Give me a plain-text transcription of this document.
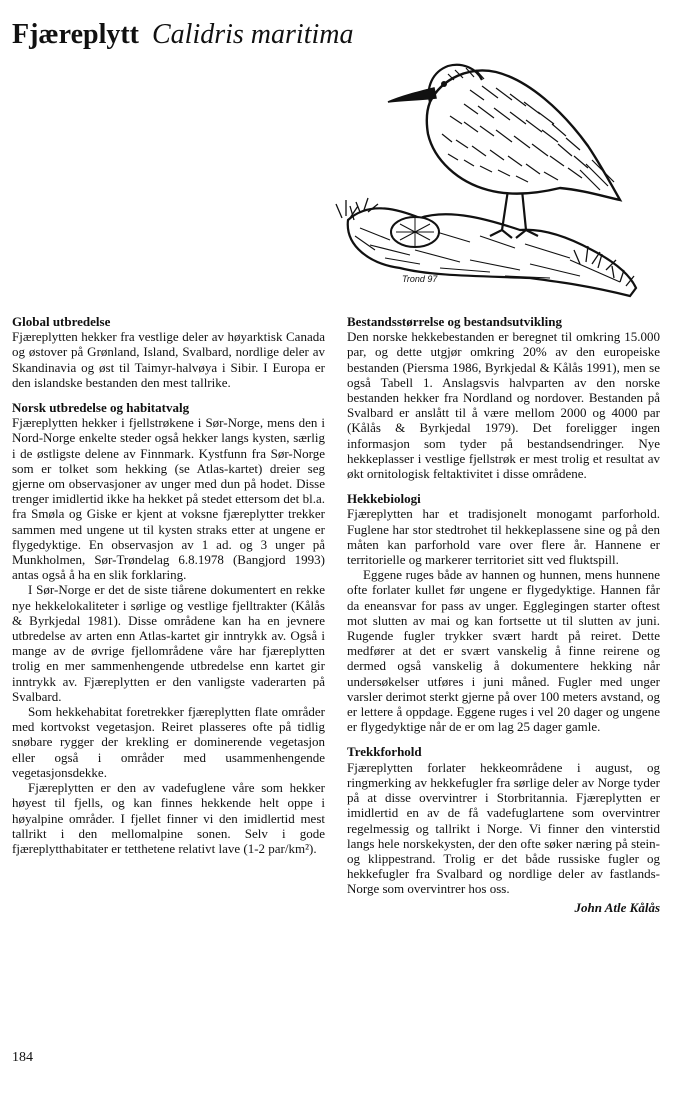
Fjæreplytt Calidris maritima
Trond 97
Global utbredelse

Fjæreplytten hekker fra vestlige deler av høyarktisk Canada og østover på Grønland, Island, Svalbard, nordlige deler av Skandinavia og øst til Taimyr-halvøya i Sibir. I Europa er den islandske bestanden den mest tallrike.

Norsk utbredelse og habitatvalg

Fjæreplytten hekker i fjellstrøkene i Sør-Norge, mens den i Nord-Norge enkelte steder også hekker langs kysten, særlig i de østligste delene av Finnmark. Kystfunn fra Sør-Norge som er tolket som hekking (se Atlas-kartet) dreier seg gjerne om observasjoner av unger med dun på hodet. Disse trenger imidlertid ikke ha hekket på stedet ettersom det bl.a. fra Smøla og Giske er kjent at voksne fjæreplytter trekker sammen med ungene ut til kysten straks etter at ungene er flygedyktige. En observasjon av 1 ad. og 3 unger på Munkholmen, Sør-Trøndelag 6.8.1978 (Bangjord 1993) antas også å ha en slik forklaring.

I Sør-Norge er det de siste tiårene dokumentert en rekke nye hekkelokaliteter i sørlige og vestlige fjelltrakter (Kålås & Byrkjedal 1981). Disse områdene kan ha en jevnere utbredelse av arten enn Atlas-kartet gir inntrykk av. Også i mange av de øvrige fjellområdene våre har fjæreplytten trolig en mer sammenhengende utbredelse enn kartet gir inntrykk av. Fjæreplytten er den vanligste vaderarten på Svalbard.

Som hekkehabitat foretrekker fjæreplytten flate områder med kortvokst vegetasjon. Reiret plasseres ofte på tidlig snøbare rygger der krekling er dominerende vegetasjon eller også i områder med usammenhengende vegetasjonsdekke.

Fjæreplytten er den av vadefuglene våre som hekker høyest til fjells, og kan finnes hekkende helt oppe i høyalpine områder. I fjellet finner vi den imidlertid mest tallrikt i den mellomalpine sonen. Selv i gode fjæreplytthabitater er tetthetene relativt lave (1-2 par/km²).

Bestandsstørrelse og bestandsutvikling

Den norske hekkebestanden er beregnet til omkring 15.000 par, og dette utgjør omkring 20% av den europeiske bestanden (Piersma 1986, Byrkjedal & Kålås 1991), men se også Tabell 1. Anslagsvis halvparten av den norske bestanden hekker fra Nordland og nordover. Bestanden på Svalbard er anslått til å være mellom 2000 og 4000 par (Kålås & Byrkjedal 1979). Det foreligger ingen informasjon som tyder på bestandsendringer. Nye hekkeplasser i vestlige fjellstrøk er mest trolig et resultat av økt ornitologisk feltaktivitet i disse områdene.

Hekkebiologi

Fjæreplytten har et tradisjonelt monogamt parforhold. Fuglene har stor stedtrohet til hekkeplassene sine og på den måten kan parforhold vare over flere år. Hannene er territorielle og markerer territoriet sitt ved fluktspill.

Eggene ruges både av hannen og hunnen, mens hunnene ofte forlater kullet før ungene er flygedyktige. Hannen får da eneansvar for pass av unger. Egglegingen starter oftest mot slutten av mai og kan fortsette ut til slutten av juni. Rugende fugler trykker svært hardt på reiret. Dette medfører at det er svært vanskelig å finne reirene og dermed også vanskelig å dokumentere hekking når undersøkelser utføres i juni måned. Fugler med unger varsler derimot sterkt gjerne på over 100 meters avstand, og er lettere å oppdage. Eggene ruges i vel 20 dager og ungene er flygedyktige når de er om lag 25 dager gamle.

Trekkforhold

Fjæreplytten forlater hekkeområdene i august, og ringmerking av hekkefugler fra sørlige deler av Norge tyder på at disse overvintrer i Storbritannia. Fjæreplytten er imidlertid en av de få vadefuglartene som overvintrer regelmessig og tallrikt i Norge. Vi finner den vinterstid langs hele norskekysten, der den ofte søker næring på stein- og klippestrand. Trolig er det både russiske fugler og hekkefugler fra Svalbard og nordlige deler av fastlands-Norge som overvintrer hos oss.

John Atle Kålås
184
